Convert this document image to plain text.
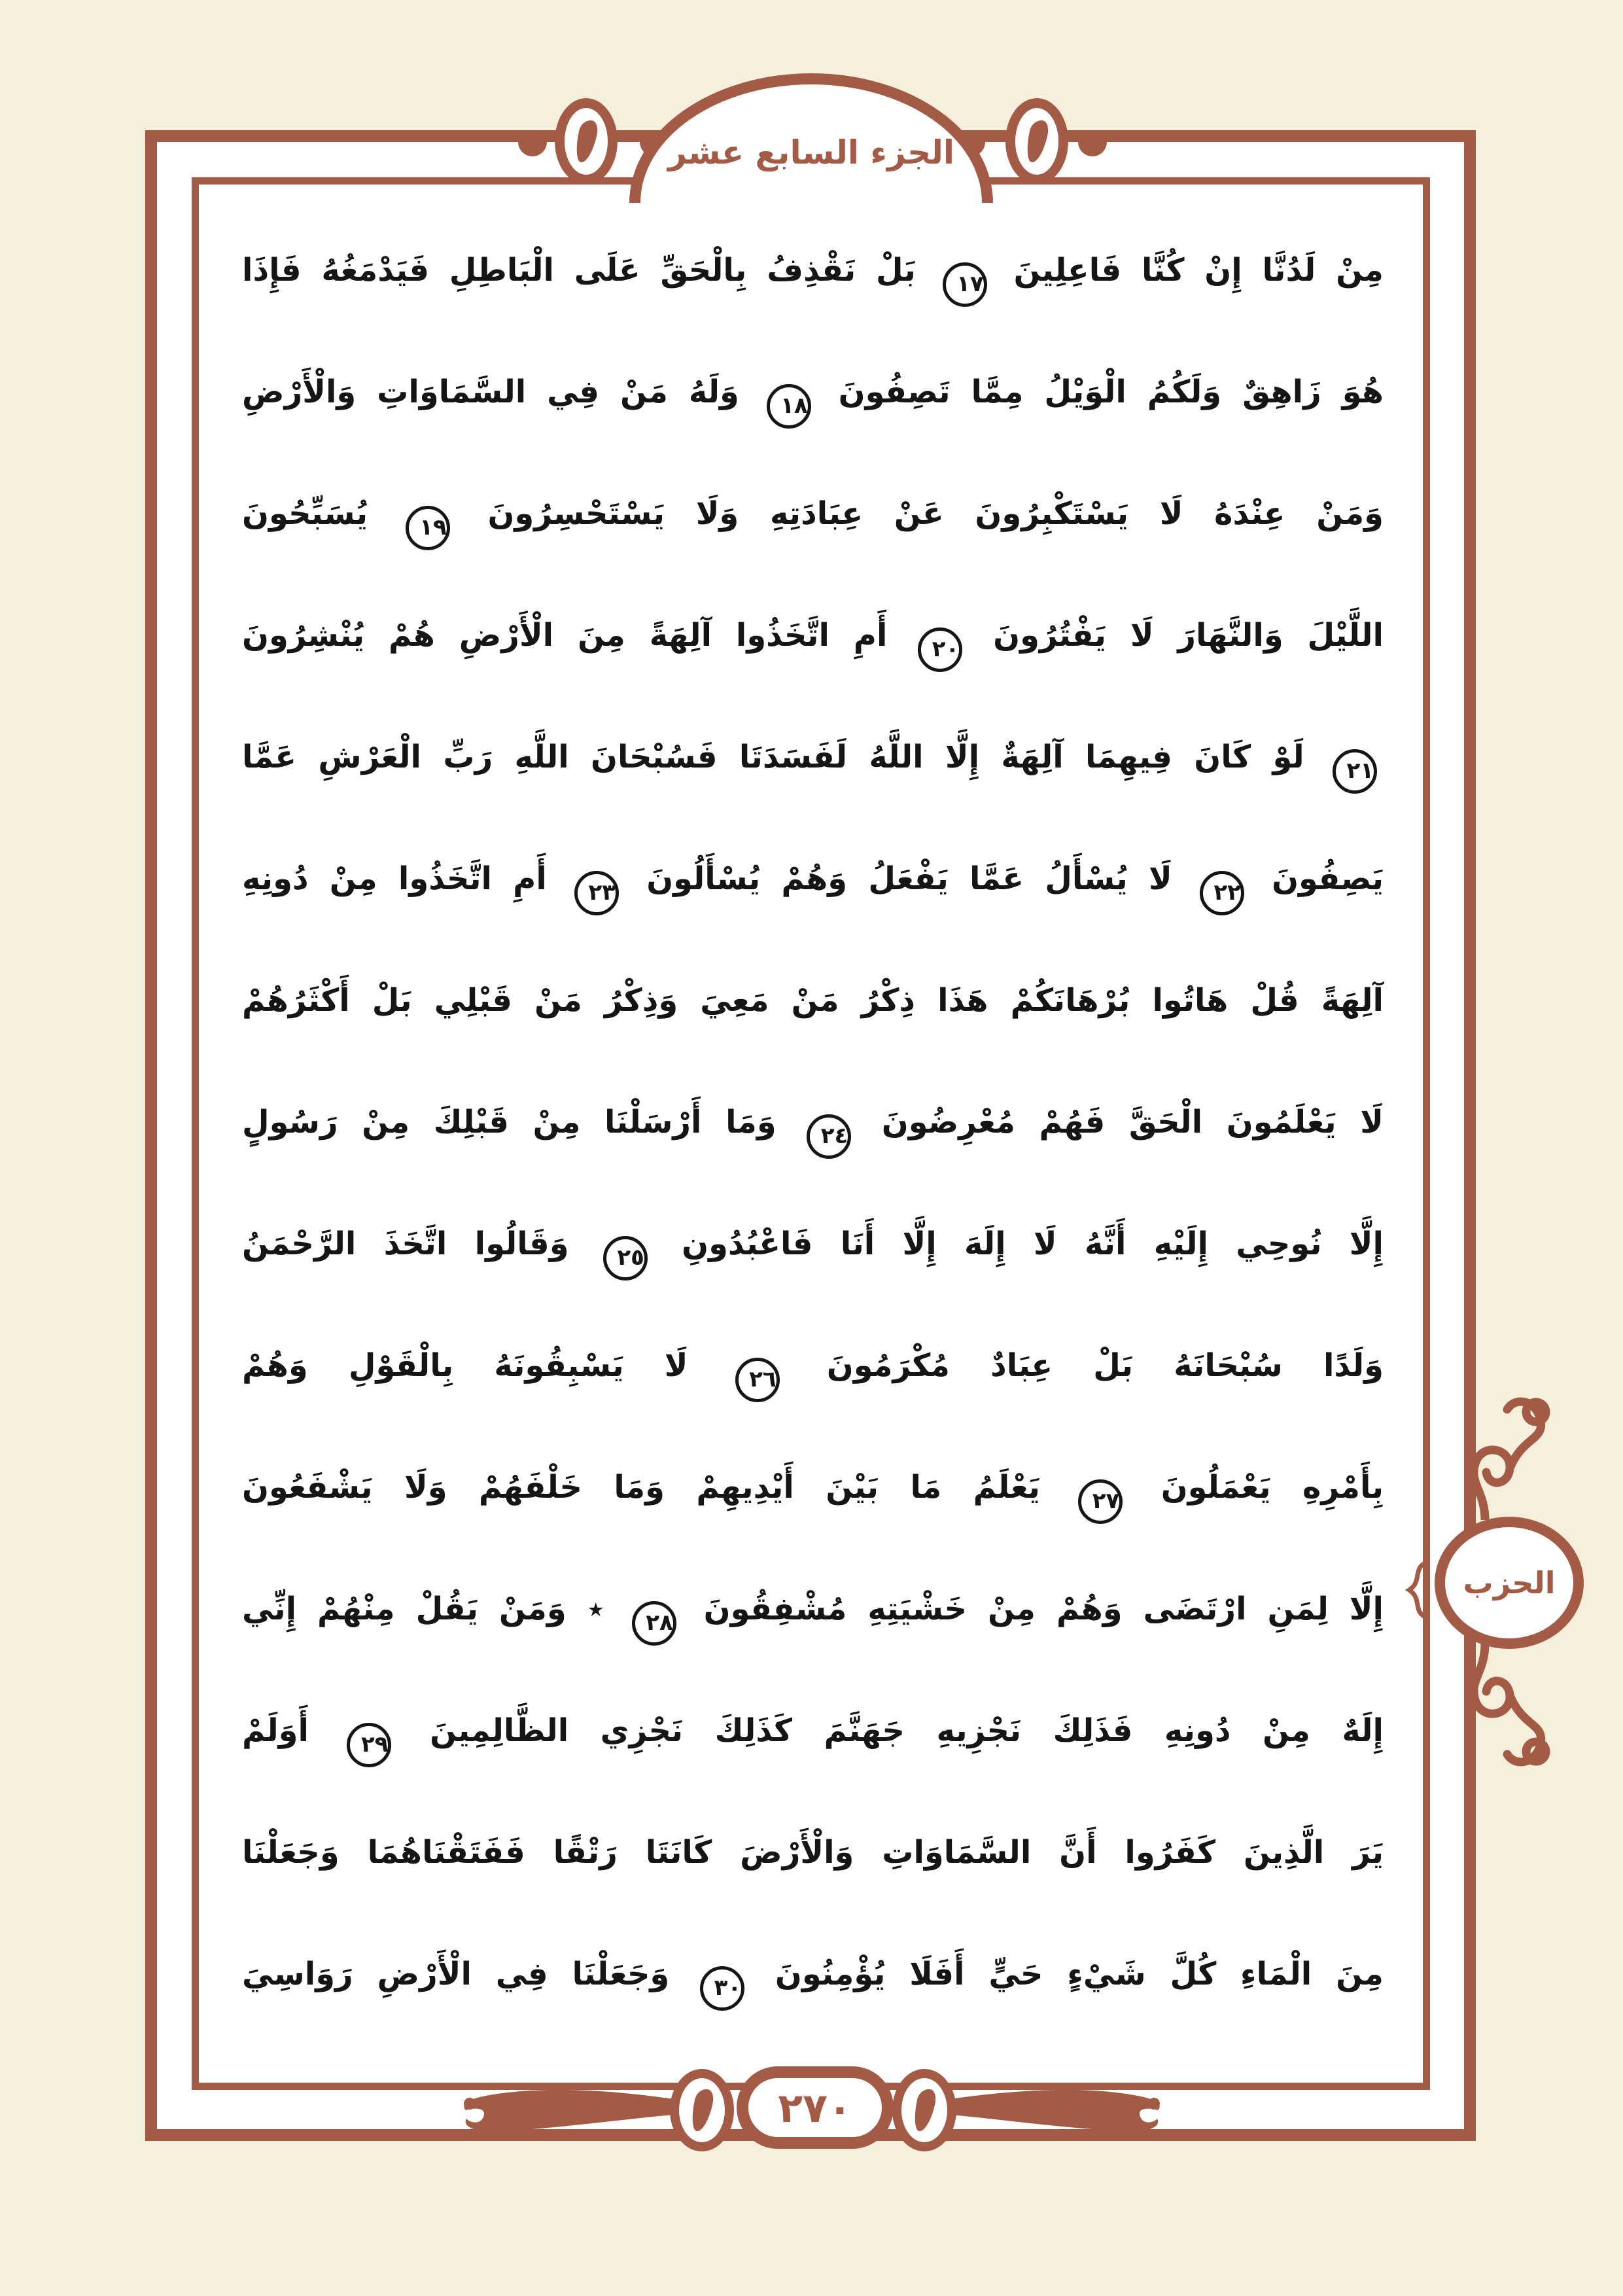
الجزء السابع عشر
مِنْ لَدُنَّا إِنْ كُنَّا فَاعِلِينَ ١٧ بَلْ نَقْذِفُ بِالْحَقِّ عَلَى الْبَاطِلِ فَيَدْمَغُهُ فَإِذَا
هُوَ زَاهِقٌ وَلَكُمُ الْوَيْلُ مِمَّا تَصِفُونَ ١٨ وَلَهُ مَنْ فِي السَّمَاوَاتِ وَالْأَرْضِ
وَمَنْ عِنْدَهُ لَا يَسْتَكْبِرُونَ عَنْ عِبَادَتِهِ وَلَا يَسْتَحْسِرُونَ ١٩ يُسَبِّحُونَ
اللَّيْلَ وَالنَّهَارَ لَا يَفْتُرُونَ ٢٠ أَمِ اتَّخَذُوا آلِهَةً مِنَ الْأَرْضِ هُمْ يُنْشِرُونَ
٢١ لَوْ كَانَ فِيهِمَا آلِهَةٌ إِلَّا اللَّهُ لَفَسَدَتَا فَسُبْحَانَ اللَّهِ رَبِّ الْعَرْشِ عَمَّا
يَصِفُونَ ٢٢ لَا يُسْأَلُ عَمَّا يَفْعَلُ وَهُمْ يُسْأَلُونَ ٢٣ أَمِ اتَّخَذُوا مِنْ دُونِهِ
آلِهَةً قُلْ هَاتُوا بُرْهَانَكُمْ هَذَا ذِكْرُ مَنْ مَعِيَ وَذِكْرُ مَنْ قَبْلِي بَلْ أَكْثَرُهُمْ
لَا يَعْلَمُونَ الْحَقَّ فَهُمْ مُعْرِضُونَ ٢٤ وَمَا أَرْسَلْنَا مِنْ قَبْلِكَ مِنْ رَسُولٍ
إِلَّا نُوحِي إِلَيْهِ أَنَّهُ لَا إِلَهَ إِلَّا أَنَا فَاعْبُدُونِ ٢٥ وَقَالُوا اتَّخَذَ الرَّحْمَنُ
وَلَدًا سُبْحَانَهُ بَلْ عِبَادٌ مُكْرَمُونَ ٢٦ لَا يَسْبِقُونَهُ بِالْقَوْلِ وَهُمْ
بِأَمْرِهِ يَعْمَلُونَ ٢٧ يَعْلَمُ مَا بَيْنَ أَيْدِيهِمْ وَمَا خَلْفَهُمْ وَلَا يَشْفَعُونَ
إِلَّا لِمَنِ ارْتَضَى وَهُمْ مِنْ خَشْيَتِهِ مُشْفِقُونَ ٢٨ ٭ وَمَنْ يَقُلْ مِنْهُمْ إِنِّي
إِلَهٌ مِنْ دُونِهِ فَذَلِكَ نَجْزِيهِ جَهَنَّمَ كَذَلِكَ نَجْزِي الظَّالِمِينَ ٢٩ أَوَلَمْ
يَرَ الَّذِينَ كَفَرُوا أَنَّ السَّمَاوَاتِ وَالْأَرْضَ كَانَتَا رَتْقًا فَفَتَقْنَاهُمَا وَجَعَلْنَا
مِنَ الْمَاءِ كُلَّ شَيْءٍ حَيٍّ أَفَلَا يُؤْمِنُونَ ٣٠ وَجَعَلْنَا فِي الْأَرْضِ رَوَاسِيَ
الحزب
٢٧٠
